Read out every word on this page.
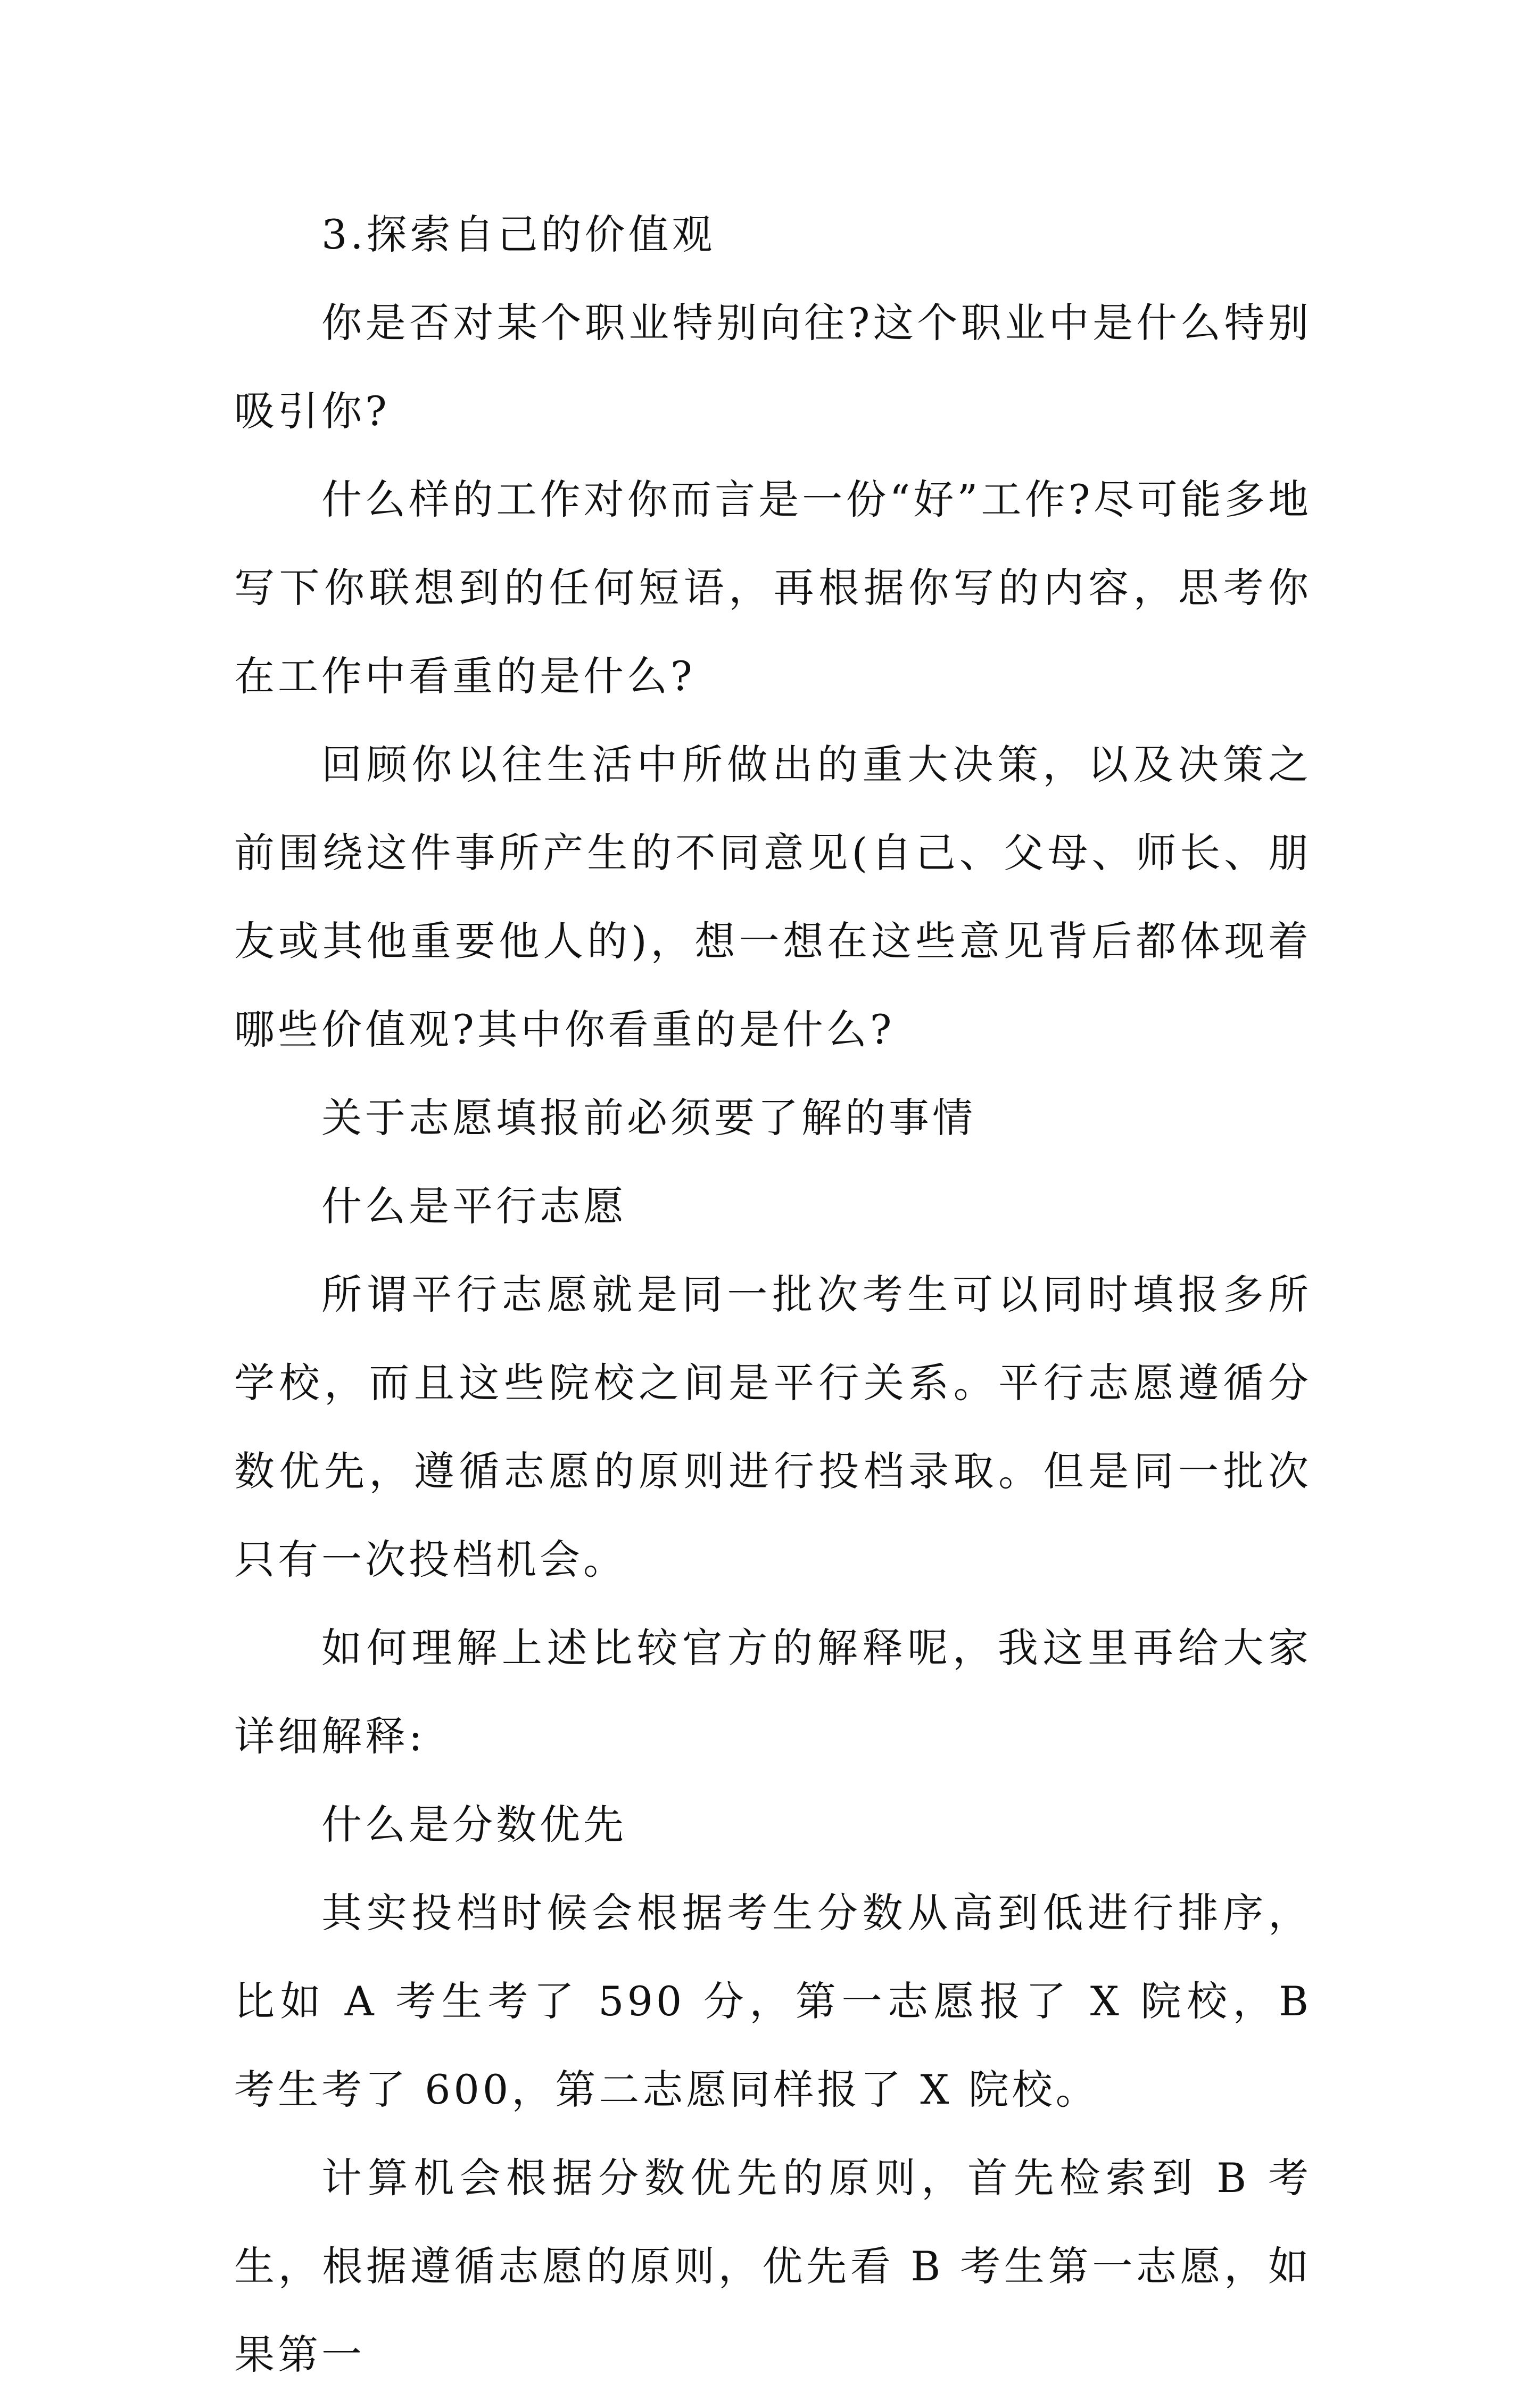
3.探索自己的价值观

你是否对某个职业特别向往?这个职业中是什么特别吸引你?

什么样的工作对你而言是一份“好”工作?尽可能多地写下你联想到的任何短语，再根据你写的内容，思考你在工作中看重的是什么?

回顾你以往生活中所做出的重大决策，以及决策之前围绕这件事所产生的不同意见(自己、父母、师长、朋友或其他重要他人的)，想一想在这些意见背后都体现着哪些价值观?其中你看重的是什么?

关于志愿填报前必须要了解的事情

什么是平行志愿

所谓平行志愿就是同一批次考生可以同时填报多所学校，而且这些院校之间是平行关系。平行志愿遵循分数优先，遵循志愿的原则进行投档录取。但是同一批次只有一次投档机会。

如何理解上述比较官方的解释呢，我这里再给大家详细解释:

什么是分数优先

其实投档时候会根据考生分数从高到低进行排序，比如 A 考生考了 590 分，第一志愿报了 X 院校，B 考生考了 600，第二志愿同样报了 X 院校。

计算机会根据分数优先的原则，首先检索到 B 考生，根据遵循志愿的原则，优先看 B 考生第一志愿，如果第一
